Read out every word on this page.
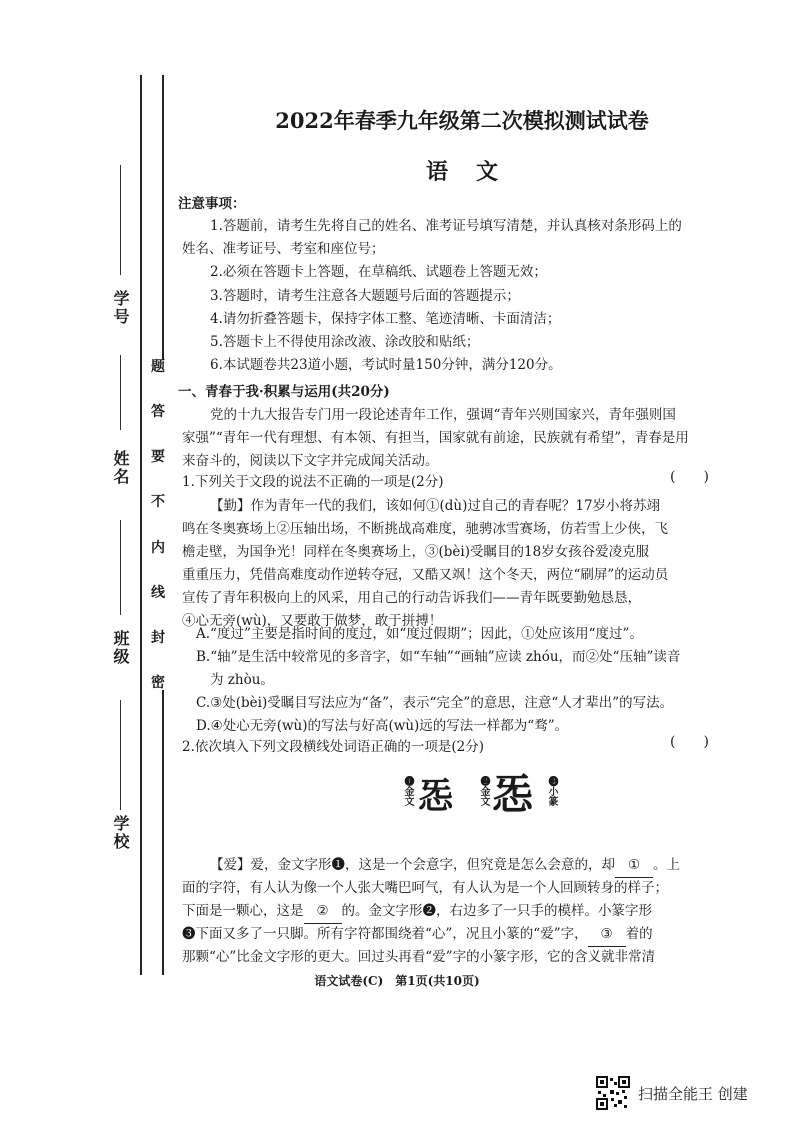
学号
姓名
班级
学校
题
答
要
不
内
线
封
密
2022年春季九年级第二次模拟测试试卷
语文
注意事项：
1.答题前，请考生先将自己的姓名、准考证号填写清楚，并认真核对条形码上的
姓名、准考证号、考室和座位号；
2.必须在答题卡上答题，在草稿纸、试题卷上答题无效；
3.答题时，请考生注意各大题题号后面的答题提示；
4.请勿折叠答题卡，保持字体工整、笔迹清晰、卡面清洁；
5.答题卡上不得使用涂改液、涂改胶和贴纸；
6.本试题卷共23道小题，考试时量150分钟，满分120分。
一、青春于我·积累与运用(共20分)
党的十九大报告专门用一段论述青年工作，强调“青年兴则国家兴，青年强则国
家强”“青年一代有理想、有本领、有担当，国家就有前途，民族就有希望”，青春是用
来奋斗的，阅读以下文字并完成闻关活动。
1.下列关于文段的说法不正确的一项是(2分)	(　　)
【勤】作为青年一代的我们，该如何①(dù)过自己的青春呢？17岁小将苏翊
鸣在冬奥赛场上②压轴出场，不断挑战高难度，驰骋冰雪赛场，仿若雪上少侠，飞
檐走壁，为国争光！同样在冬奥赛场上，③(bèi)受瞩目的18岁女孩谷爱凌克服
重重压力，凭借高难度动作逆转夺冠，又酷又飒！这个冬天，两位“刷屏”的运动员
宣传了青年积极向上的风采，用自己的行动告诉我们——青年既要勤勉恳恳，
④心无旁(wù)，又要敢于做梦，敢于拼搏！
A.“度过”主要是指时间的度过，如“度过假期”；因此，①处应该用“度过”。
B.“轴”是生活中较常见的多音字，如“车轴”“画轴”应读 zhóu，而②处“压轴”读音
为 zhòu。
C.③处(bèi)受瞩目写法应为“备”，表示“完全”的意思，注意“人才辈出”的写法。
D.④处心无旁(wù)的写法与好高(wù)远的写法一样都为“骛”。
2.依次填入下列文段横线处词语正确的一项是(2分)	(　　)
❶金文 㤅 ❷金文 㤅 ❸小篆
【爱】爱，金文字形❶，这是一个会意字，但究竟是怎么会意的，却 ① 。上
面的字符，有人认为像一个人张大嘴巴呵气，有人认为是一个人回顾转身的样子；
下面是一颗心，这是 ② 的。金文字形❷，右边多了一只手的模样。小篆字形
❸下面又多了一只脚。所有字符都围绕着“心”，况且小篆的“爱”字， ③ 着的
那颗“心”比金文字形的更大。回过头再看“爱”字的小篆字形，它的含义就非常清
语文试卷(C)　第1页(共10页)
扫描全能王 创建
